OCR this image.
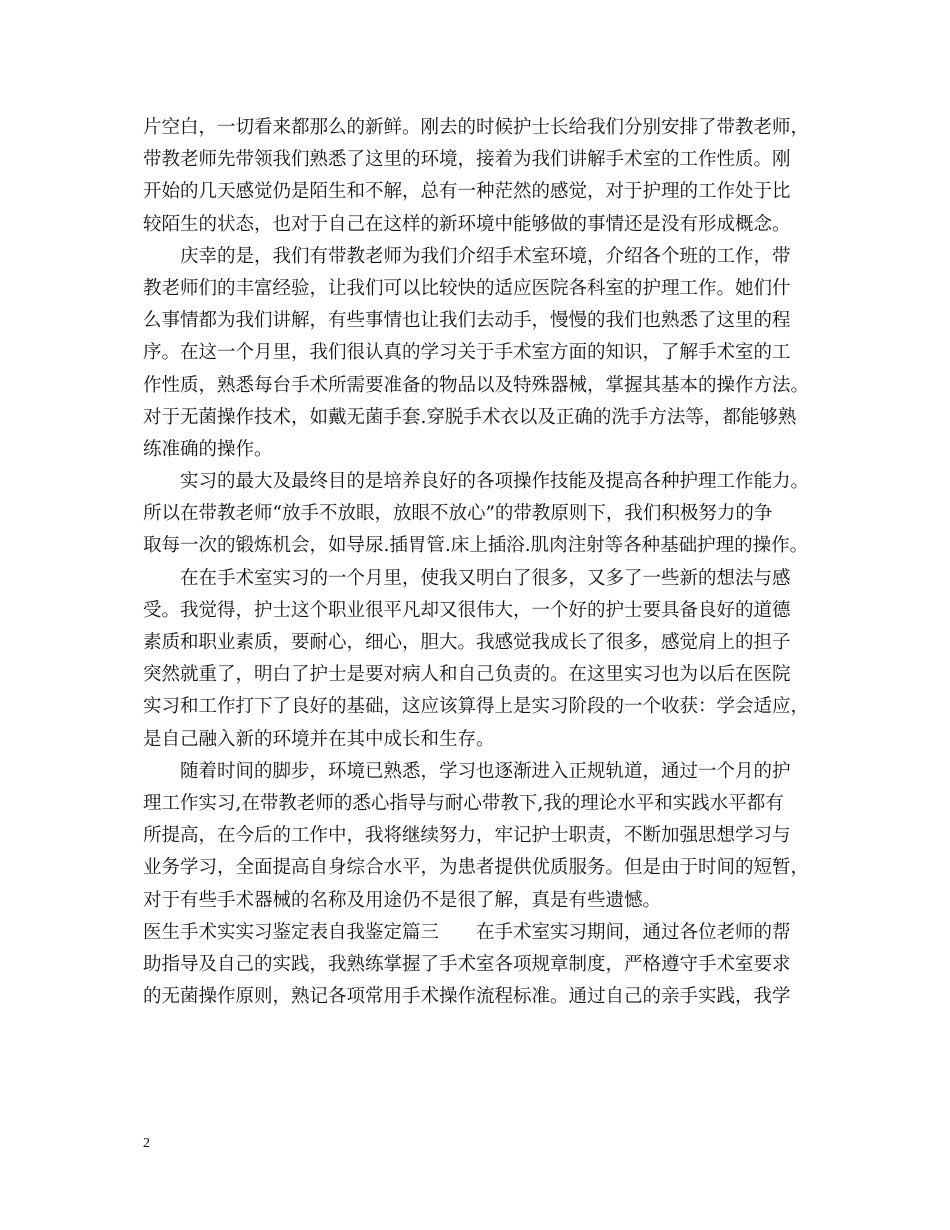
片空白，一切看来都那么的新鲜。刚去的时候护士长给我们分别安排了带教老师，
带教老师先带领我们熟悉了这里的环境，接着为我们讲解手术室的工作性质。刚
开始的几天感觉仍是陌生和不解，总有一种茫然的感觉，对于护理的工作处于比
较陌生的状态，也对于自己在这样的新环境中能够做的事情还是没有形成概念。
　　庆幸的是，我们有带教老师为我们介绍手术室环境，介绍各个班的工作，带
教老师们的丰富经验，让我们可以比较快的适应医院各科室的护理工作。她们什
么事情都为我们讲解，有些事情也让我们去动手，慢慢的我们也熟悉了这里的程
序。在这一个月里，我们很认真的学习关于手术室方面的知识，了解手术室的工
作性质，熟悉每台手术所需要准备的物品以及特殊器械，掌握其基本的操作方法。
对于无菌操作技术，如戴无菌手套.穿脱手术衣以及正确的洗手方法等，都能够熟
练准确的操作。
　　实习的最大及最终目的是培养良好的各项操作技能及提高各种护理工作能力。
所以在带教老师“放手不放眼，放眼不放心”的带教原则下，我们积极努力的争
取每一次的锻炼机会，如导尿.插胃管.床上插浴.肌肉注射等各种基础护理的操作。
　　在在手术室实习的一个月里，使我又明白了很多，又多了一些新的想法与感
受。我觉得，护士这个职业很平凡却又很伟大，一个好的护士要具备良好的道德
素质和职业素质，要耐心，细心，胆大。我感觉我成长了很多，感觉肩上的担子
突然就重了，明白了护士是要对病人和自己负责的。在这里实习也为以后在医院
实习和工作打下了良好的基础，这应该算得上是实习阶段的一个收获：学会适应，
是自己融入新的环境并在其中成长和生存。
　　随着时间的脚步，环境已熟悉，学习也逐渐进入正规轨道，通过一个月的护
理工作实习,在带教老师的悉心指导与耐心带教下,我的理论水平和实践水平都有
所提高，在今后的工作中，我将继续努力，牢记护士职责，不断加强思想学习与
业务学习，全面提高自身综合水平，为患者提供优质服务。但是由于时间的短暂，
对于有些手术器械的名称及用途仍不是很了解，真是有些遗憾。
医生手术实实习鉴定表自我鉴定篇三　　在手术室实习期间，通过各位老师的帮
助指导及自己的实践，我熟练掌握了手术室各项规章制度，严格遵守手术室要求
的无菌操作原则，熟记各项常用手术操作流程标准。通过自己的亲手实践，我学
2
